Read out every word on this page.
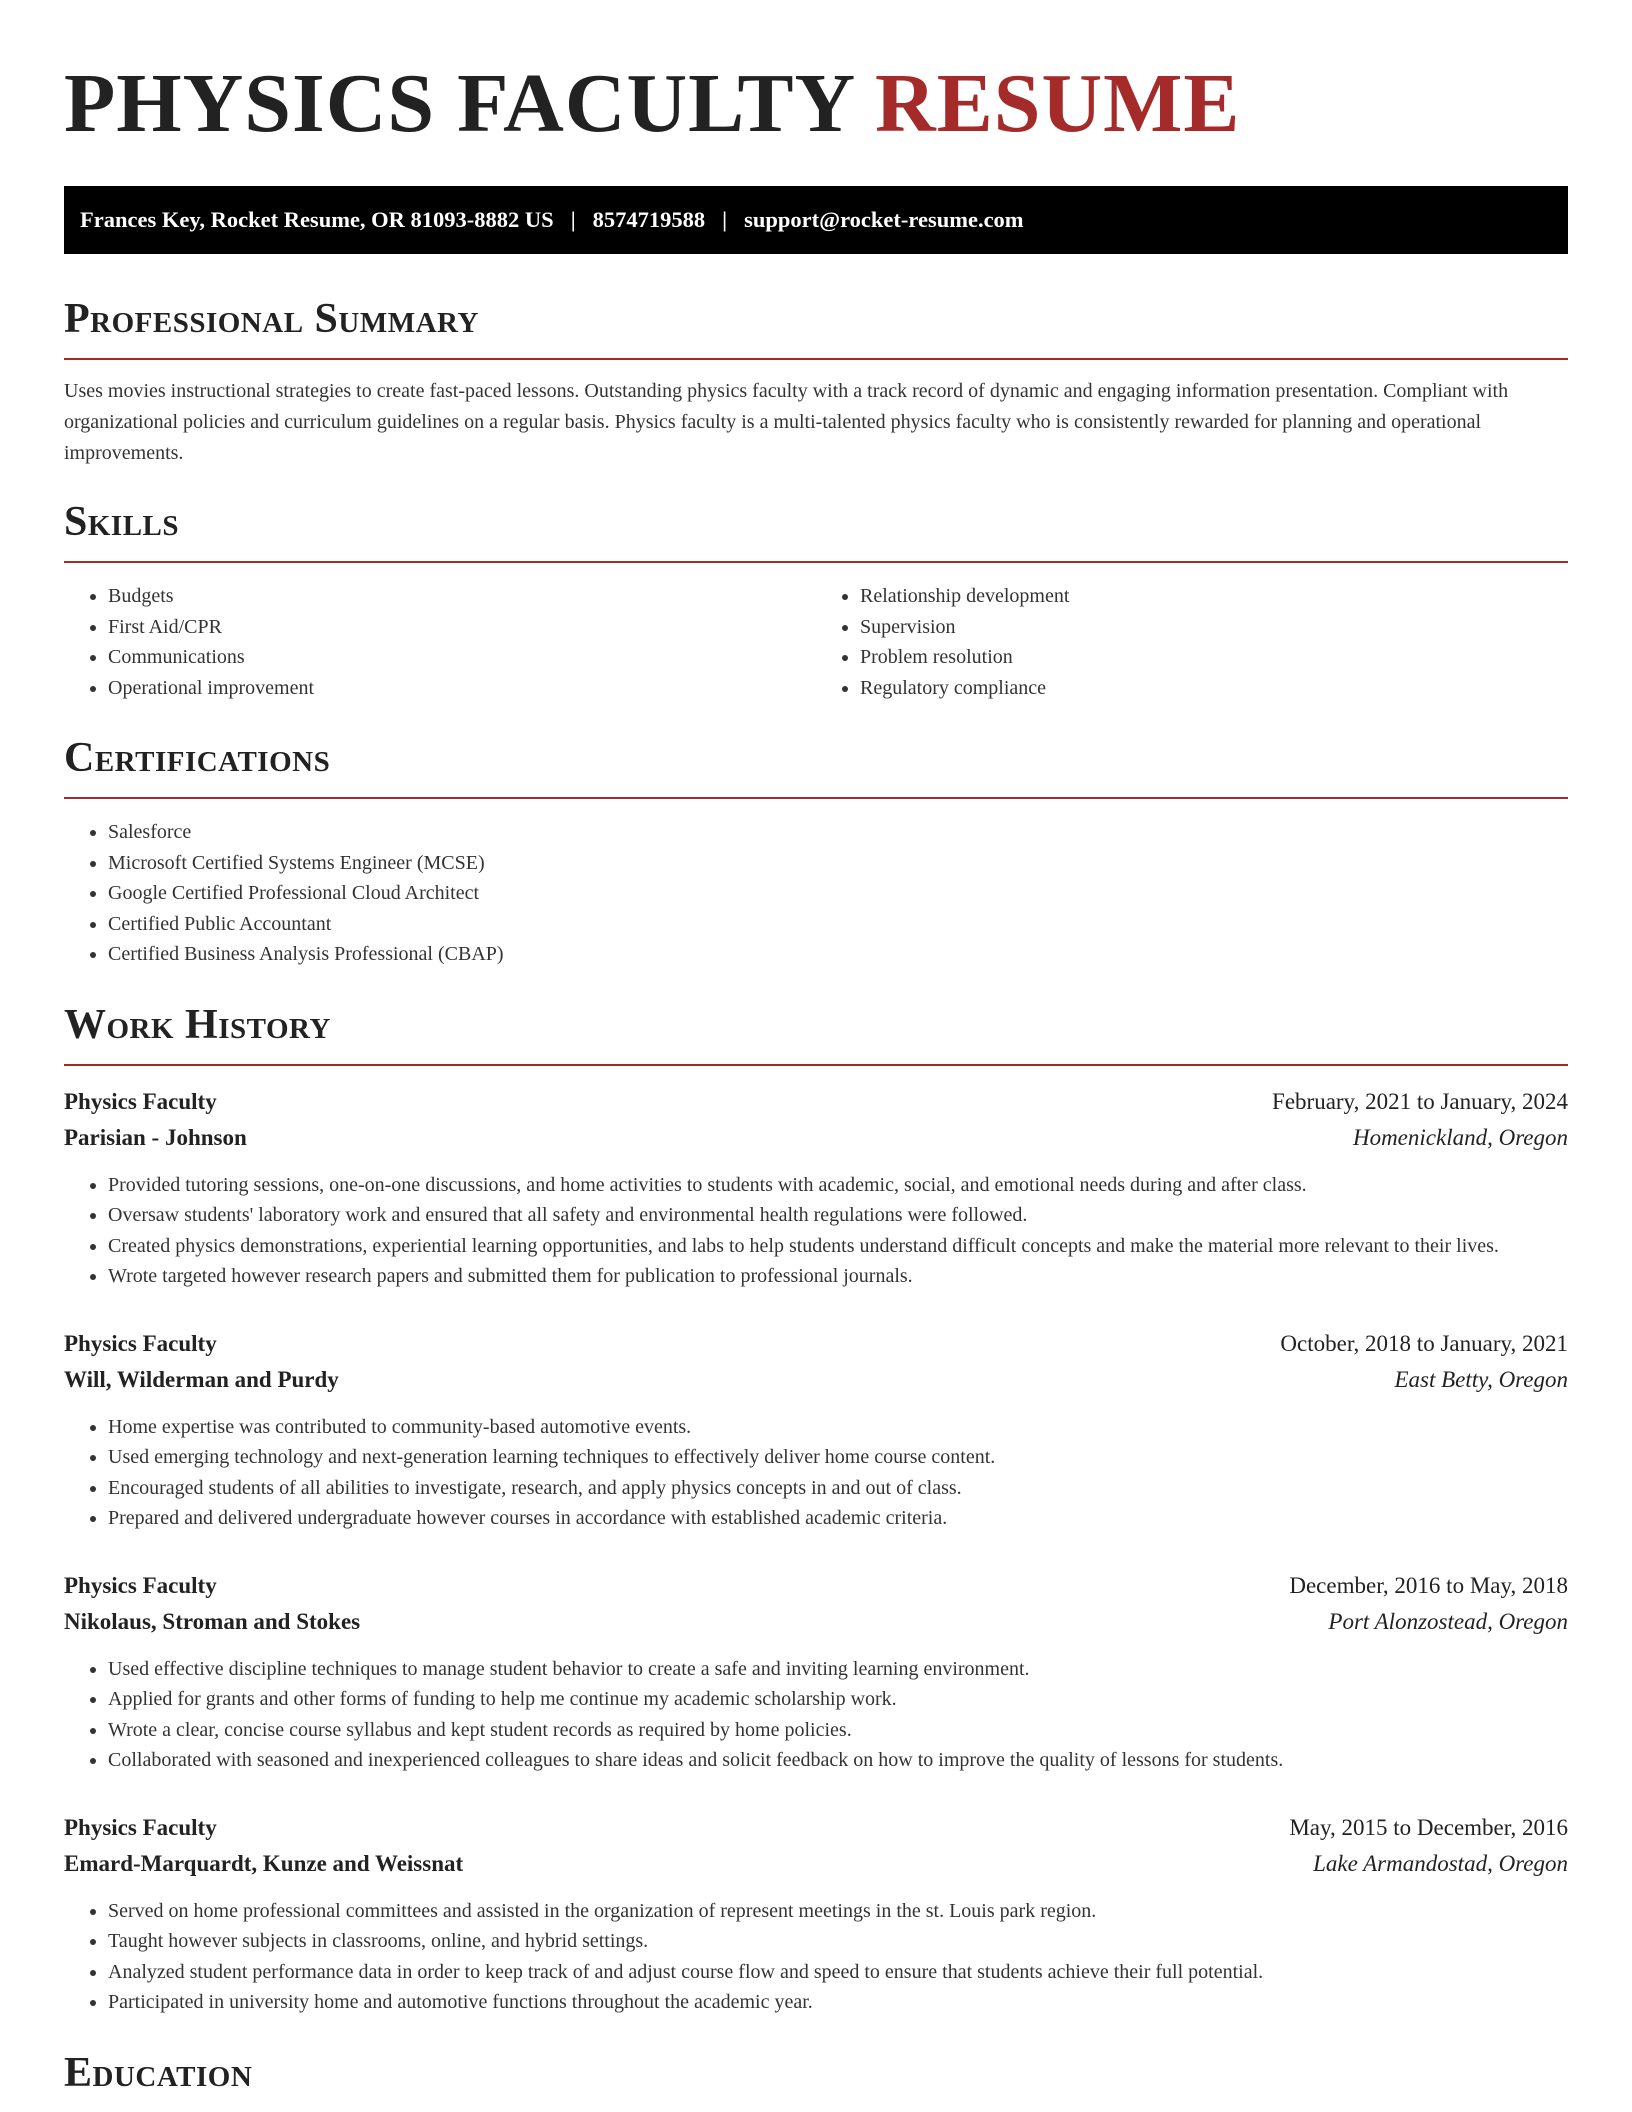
PHYSICS FACULTY RESUME
Frances Key, Rocket Resume, OR 81093-8882 US | 8574719588 | support@rocket-resume.com
Professional Summary

Uses movies instructional strategies to create fast-paced lessons. Outstanding physics faculty with a track record of dynamic and engaging information presentation. Compliant with organizational policies and curriculum guidelines on a regular basis. Physics faculty is a multi-talented physics faculty who is consistently rewarded for planning and operational improvements.

Skills
• Budgets
• First Aid/CPR
• Communications
• Operational improvement
• Relationship development
• Supervision
• Problem resolution
• Regulatory compliance
Certifications
• Salesforce
• Microsoft Certified Systems Engineer (MCSE)
• Google Certified Professional Cloud Architect
• Certified Public Accountant
• Certified Business Analysis Professional (CBAP)
Work History
Physics Faculty	February, 2021 to January, 2024
Parisian - Johnson	Homenickland, Oregon
• Provided tutoring sessions, one-on-one discussions, and home activities to students with academic, social, and emotional needs during and after class.
• Oversaw students' laboratory work and ensured that all safety and environmental health regulations were followed.
• Created physics demonstrations, experiential learning opportunities, and labs to help students understand difficult concepts and make the material more relevant to their lives.
• Wrote targeted however research papers and submitted them for publication to professional journals.
Physics Faculty	October, 2018 to January, 2021
Will, Wilderman and Purdy	East Betty, Oregon
• Home expertise was contributed to community-based automotive events.
• Used emerging technology and next-generation learning techniques to effectively deliver home course content.
• Encouraged students of all abilities to investigate, research, and apply physics concepts in and out of class.
• Prepared and delivered undergraduate however courses in accordance with established academic criteria.
Physics Faculty	December, 2016 to May, 2018
Nikolaus, Stroman and Stokes	Port Alonzostead, Oregon
• Used effective discipline techniques to manage student behavior to create a safe and inviting learning environment.
• Applied for grants and other forms of funding to help me continue my academic scholarship work.
• Wrote a clear, concise course syllabus and kept student records as required by home policies.
• Collaborated with seasoned and inexperienced colleagues to share ideas and solicit feedback on how to improve the quality of lessons for students.
Physics Faculty	May, 2015 to December, 2016
Emard-Marquardt, Kunze and Weissnat	Lake Armandostad, Oregon
• Served on home professional committees and assisted in the organization of represent meetings in the st. Louis park region.
• Taught however subjects in classrooms, online, and hybrid settings.
• Analyzed student performance data in order to keep track of and adjust course flow and speed to ensure that students achieve their full potential.
• Participated in university home and automotive functions throughout the academic year.
Education
